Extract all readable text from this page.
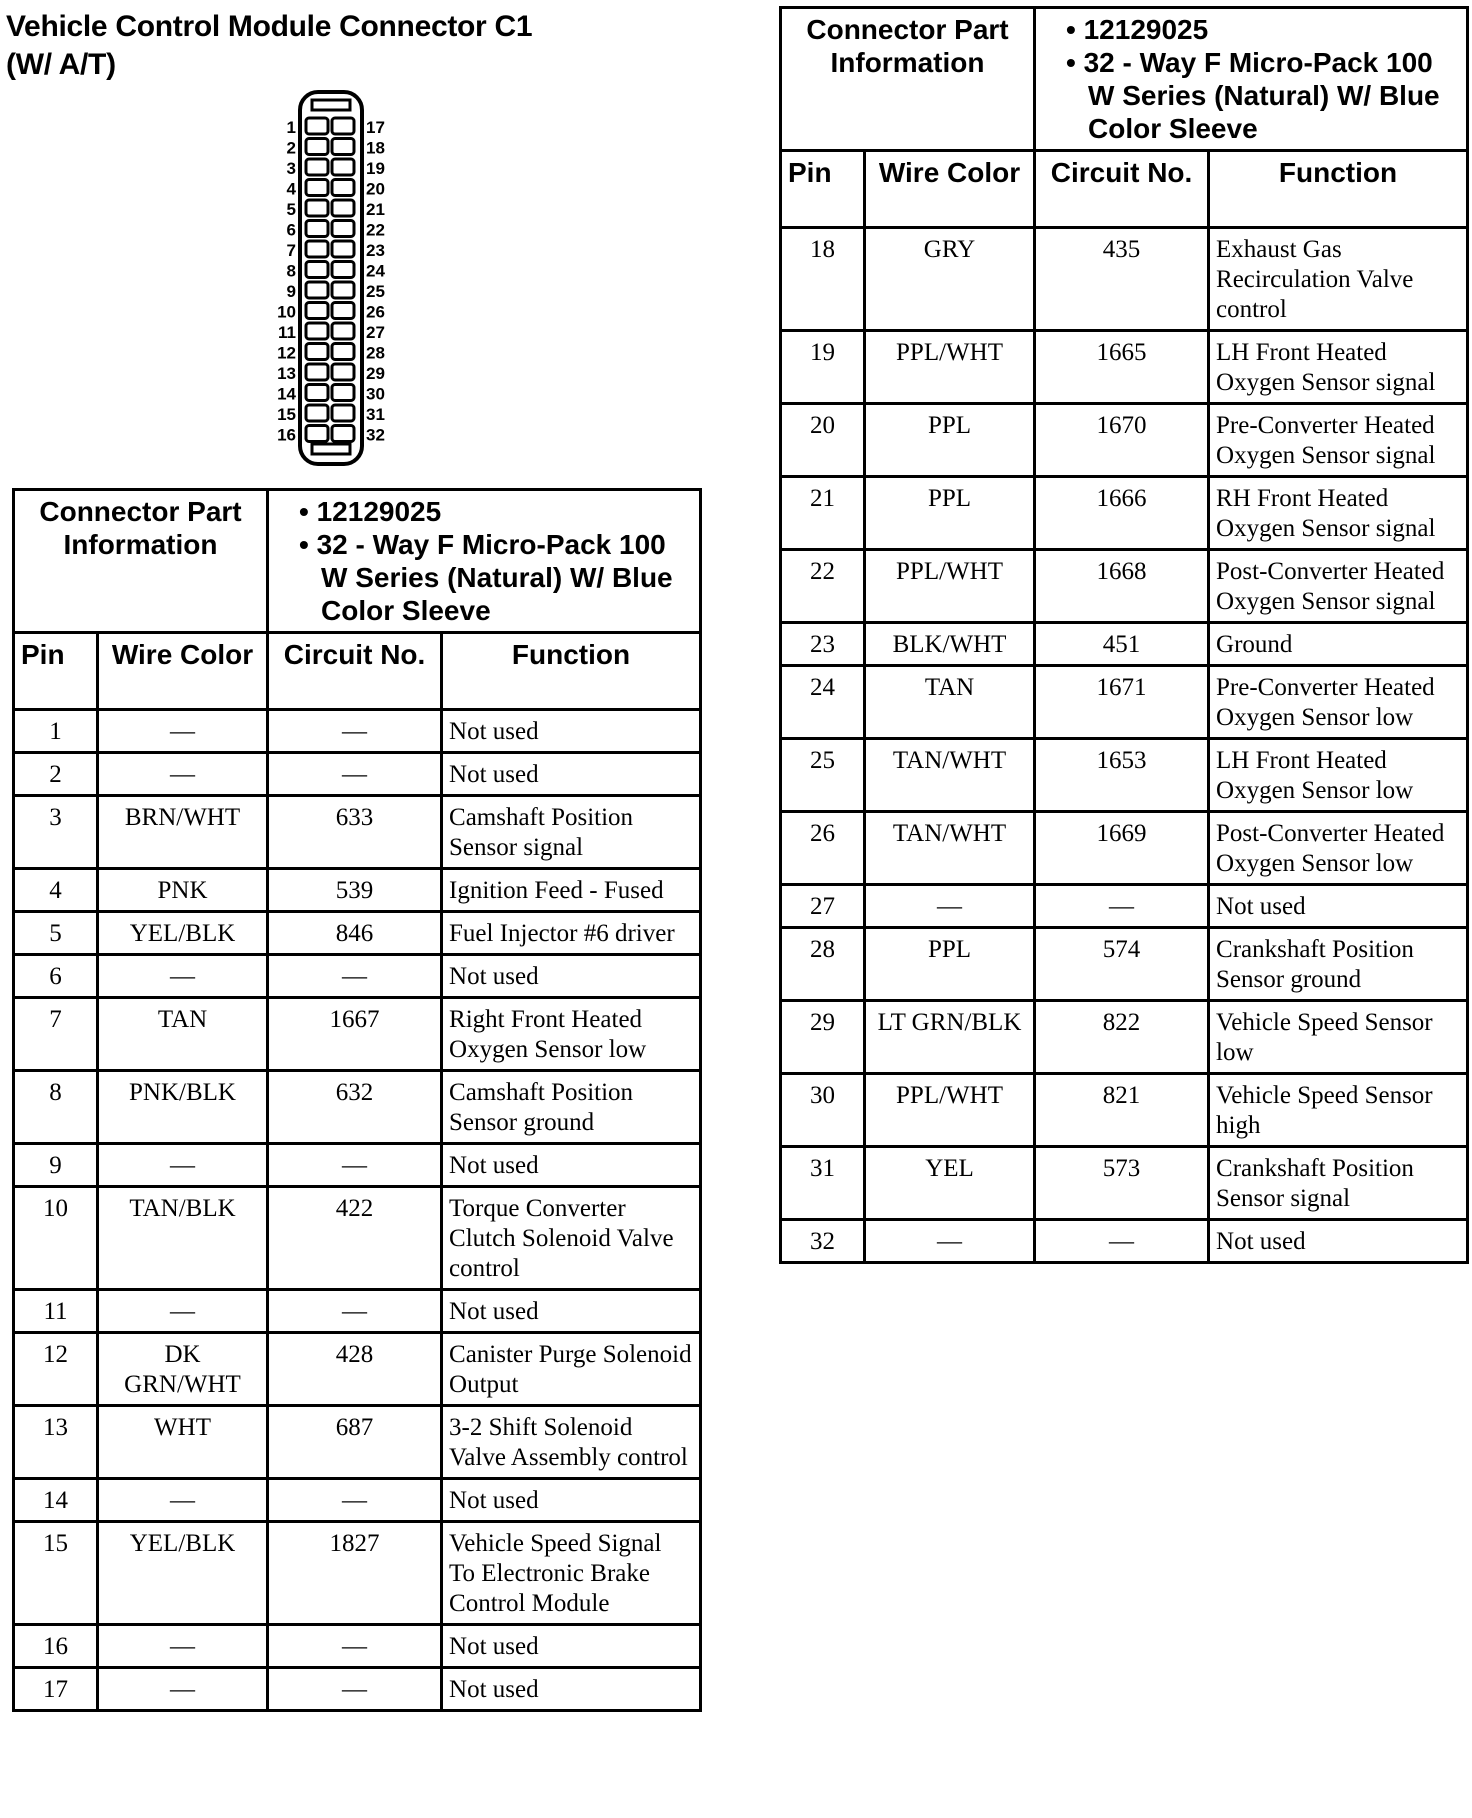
Vehicle Control Module Connector C1
(W/ A/T)
1	17
2	18
3	19
4	20
5	21
6	22
7	23
8	24
9	25
10	26
11	27
12	28
13	29
14	30
15	31
16	32
Connector Part Information		• 12129025
• 32 - Way F Micro-Pack 100 W Series (Natural) W/ Blue Color Sleeve	

Pin	Wire Color	Circuit No.	Function
1	—	—	Not used
2	—	—	Not used
3	BRN/WHT	633	Camshaft Position Sensor signal
4	PNK	539	Ignition Feed - Fused
5	YEL/BLK	846	Fuel Injector #6 driver
6	—	—	Not used
7	TAN	1667	Right Front Heated Oxygen Sensor low
8	PNK/BLK	632	Camshaft Position Sensor ground
9	—	—	Not used
10	TAN/BLK	422	Torque Converter Clutch Solenoid Valve control
11	—	—	Not used
12	DK GRN/WHT	428	Canister Purge Solenoid Output
13	WHT	687	3-2 Shift Solenoid Valve Assembly control
14	—	—	Not used
15	YEL/BLK	1827	Vehicle Speed Signal To Electronic Brake Control Module
16	—	—	Not used
17	—	—	Not used
Connector Part Information		• 12129025
• 32 - Way F Micro-Pack 100 W Series (Natural) W/ Blue Color Sleeve	

Pin	Wire Color	Circuit No.	Function
18	GRY	435	Exhaust Gas Recirculation Valve control
19	PPL/WHT	1665	LH Front Heated Oxygen Sensor signal
20	PPL	1670	Pre-Converter Heated Oxygen Sensor signal
21	PPL	1666	RH Front Heated Oxygen Sensor signal
22	PPL/WHT	1668	Post-Converter Heated Oxygen Sensor signal
23	BLK/WHT	451	Ground
24	TAN	1671	Pre-Converter Heated Oxygen Sensor low
25	TAN/WHT	1653	LH Front Heated Oxygen Sensor low
26	TAN/WHT	1669	Post-Converter Heated Oxygen Sensor low
27	—	—	Not used
28	PPL	574	Crankshaft Position Sensor ground
29	LT GRN/BLK	822	Vehicle Speed Sensor low
30	PPL/WHT	821	Vehicle Speed Sensor high
31	YEL	573	Crankshaft Position Sensor signal
32	—	—	Not used
